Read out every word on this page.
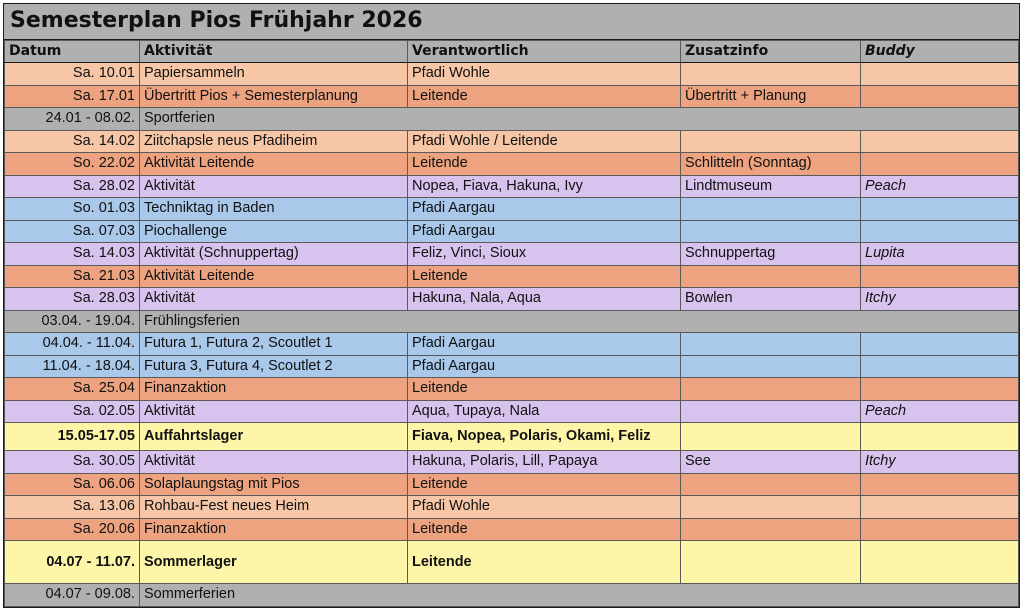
Semesterplan Pios Frühjahr 2026
Datum	Aktivität	Verantwortlich	Zusatzinfo	Buddy
Sa. 10.01	Papiersammeln	Pfadi Wohle		
Sa. 17.01	Übertritt Pios + Semesterplanung	Leitende	Übertritt + Planung	
24.01 - 08.02.	Sportferien			
Sa. 14.02	Ziitchapsle neus Pfadiheim	Pfadi Wohle / Leitende		
So. 22.02	Aktivität Leitende	Leitende	Schlitteln (Sonntag)	
Sa. 28.02	Aktivität	Nopea, Fiava, Hakuna, Ivy	Lindtmuseum	Peach
So. 01.03	Techniktag in Baden	Pfadi Aargau		
Sa. 07.03	Piochallenge	Pfadi Aargau		
Sa. 14.03	Aktivität (Schnuppertag)	Feliz, Vinci, Sioux	Schnuppertag	Lupita
Sa. 21.03	Aktivität Leitende	Leitende		
Sa. 28.03	Aktivität	Hakuna, Nala, Aqua	Bowlen	Itchy
03.04. - 19.04.	Frühlingsferien			
04.04. - 11.04.	Futura 1, Futura 2, Scoutlet 1	Pfadi Aargau		
11.04. - 18.04.	Futura 3, Futura 4, Scoutlet 2	Pfadi Aargau		
Sa. 25.04	Finanzaktion	Leitende		
Sa. 02.05	Aktivität	Aqua, Tupaya, Nala		Peach
15.05-17.05	Auffahrtslager	Fiava, Nopea, Polaris, Okami, Feliz		
Sa. 30.05	Aktivität	Hakuna, Polaris, Lill, Papaya	See	Itchy
Sa. 06.06	Solaplaungstag mit Pios	Leitende		
Sa. 13.06	Rohbau-Fest neues Heim	Pfadi Wohle		
Sa. 20.06	Finanzaktion	Leitende		
04.07 - 11.07.	Sommerlager	Leitende		
04.07 - 09.08.	Sommerferien			
